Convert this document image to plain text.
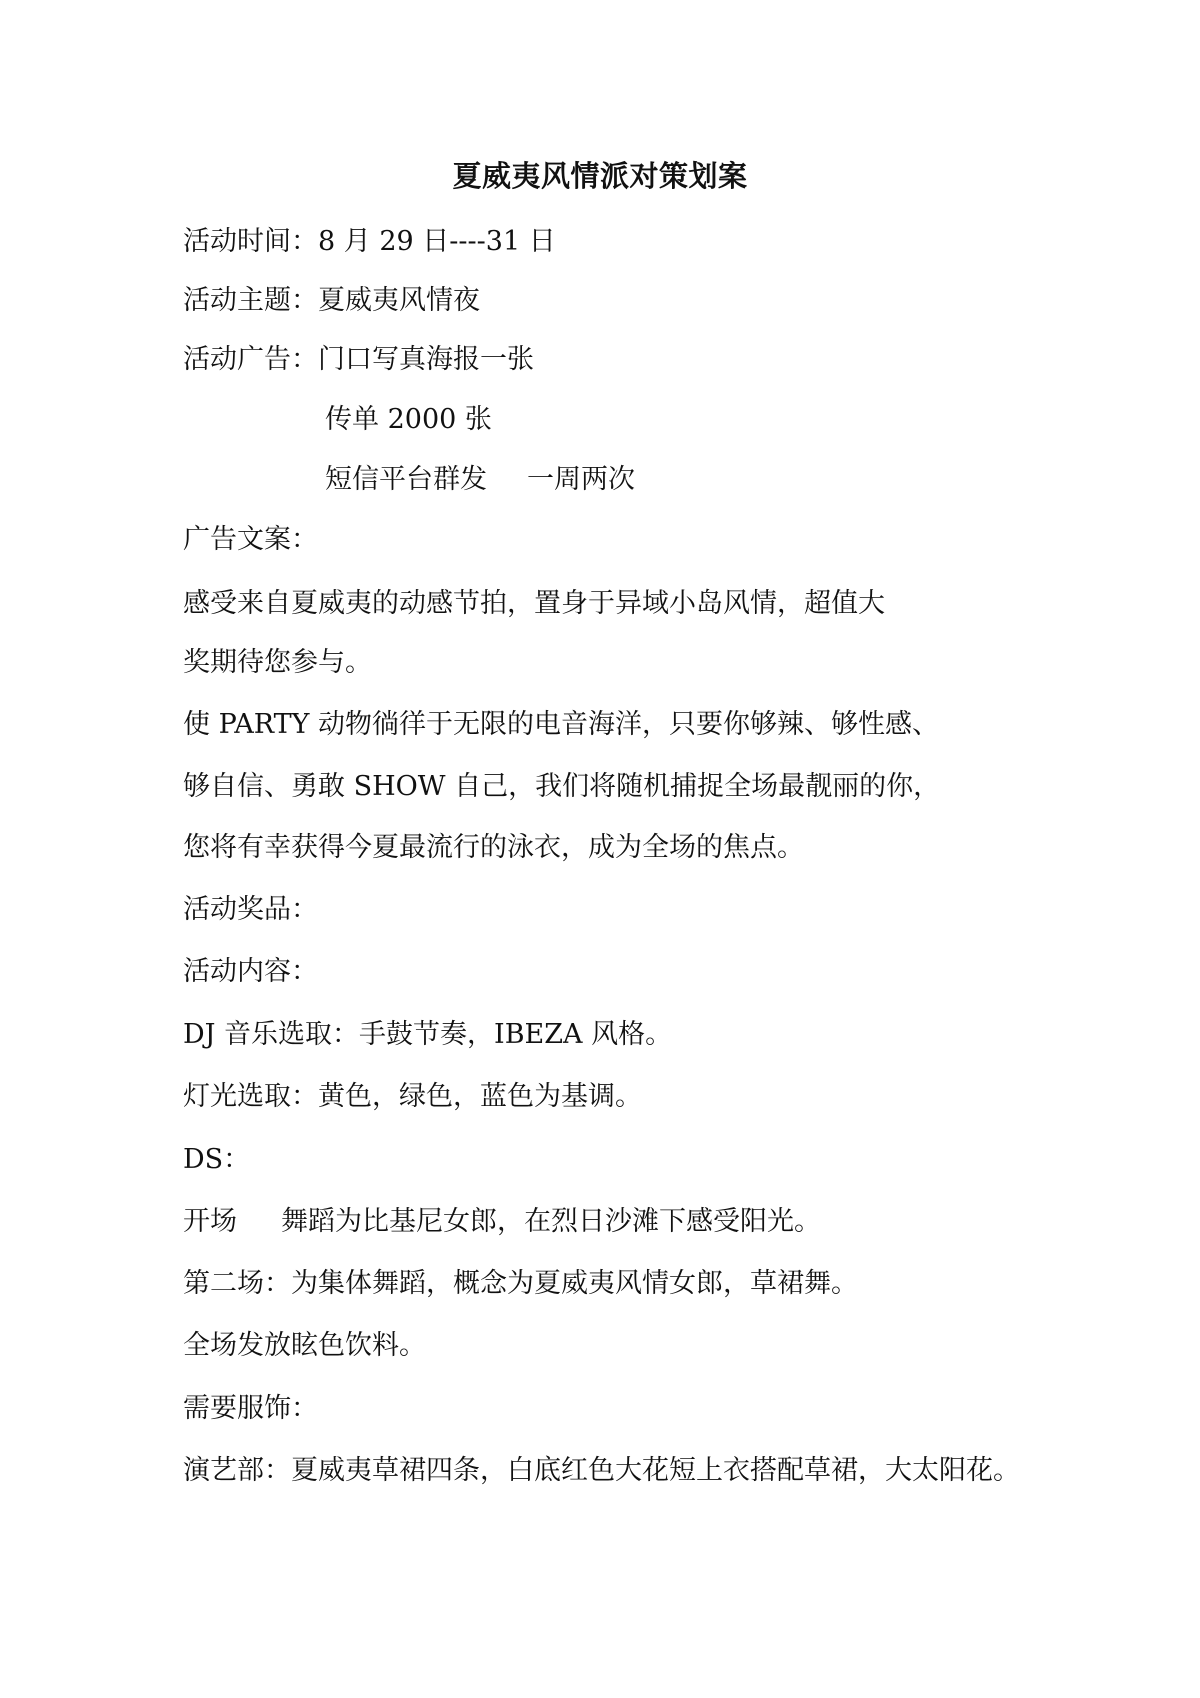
夏威夷风情派对策划案
活动时间：8 月 29 日----31 日
活动主题：夏威夷风情夜
活动广告：门口写真海报一张
传单 2000 张
短信平台群发 一周两次
广告文案：
感受来自夏威夷的动感节拍，置身于异域小岛风情，超值大
奖期待您参与。
使 PARTY 动物徜徉于无限的电音海洋，只要你够辣、够性感、
够自信、勇敢 SHOW 自己，我们将随机捕捉全场最靓丽的你，
您将有幸获得今夏最流行的泳衣，成为全场的焦点。
活动奖品：
活动内容：
DJ 音乐选取：手鼓节奏，IBEZA 风格。
灯光选取：黄色，绿色，蓝色为基调。
DS：
开场 舞蹈为比基尼女郎，在烈日沙滩下感受阳光。
第二场：为集体舞蹈，概念为夏威夷风情女郎，草裙舞。
全场发放眩色饮料。
需要服饰：
演艺部：夏威夷草裙四条，白底红色大花短上衣搭配草裙，大太阳花。
